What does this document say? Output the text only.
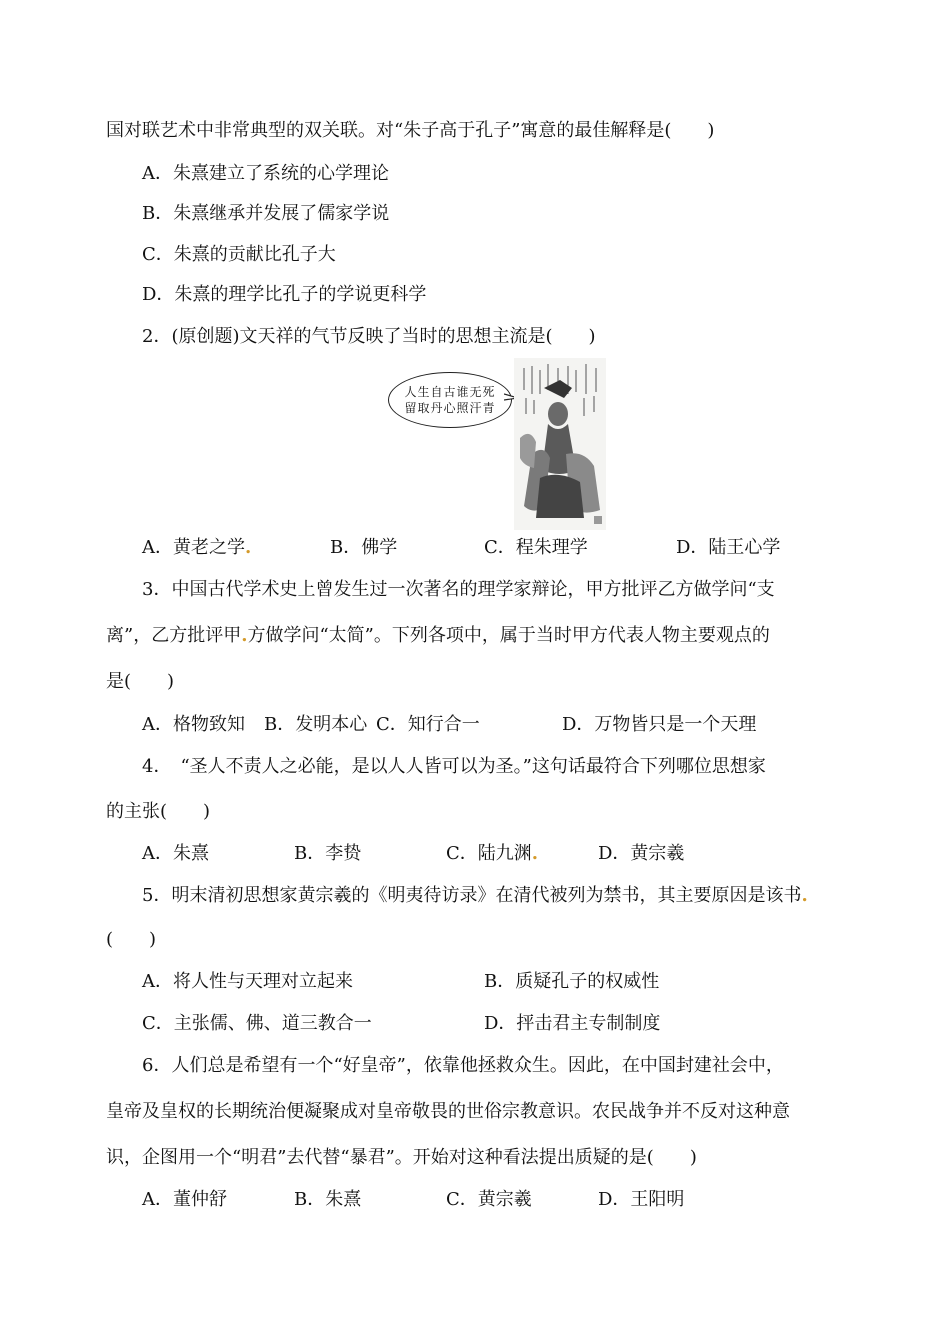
国对联艺术中非常典型的双关联。对“朱子高于孔子”寓意的最佳解释是(　　)
A．朱熹建立了系统的心学理论
B．朱熹继承并发展了儒家学说
C．朱熹的贡献比孔子大
D．朱熹的理学比孔子的学说更科学
2．(原创题)文天祥的气节反映了当时的思想主流是(　　)
人生自古谁无死
留取丹心照汗青
A．黄老之学.	B．佛学	C．程朱理学	D．陆王心学
3．中国古代学术史上曾发生过一次著名的理学家辩论，甲方批评乙方做学问“支
离”，乙方批评甲.方做学问“太简”。下列各项中，属于当时甲方代表人物主要观点的
是(　　)
A．格物致知 B．发明本心 C．知行合一	D．万物皆只是一个天理
4．　“圣人不责人之必能，是以人人皆可以为圣。”这句话最符合下列哪位思想家
的主张(　　)
A．朱熹	B．李贽	C．陆九渊.	D．黄宗羲
5．明末清初思想家黄宗羲的《明夷待访录》在清代被列为禁书，其主要原因是该书.
(　　)
A．将人性与天理对立起来	B．质疑孔子的权威性
C．主张儒、佛、道三教合一	D．抨击君主专制制度
6．人们总是希望有一个“好皇帝”，依靠他拯救众生。因此，在中国封建社会中，
皇帝及皇权的长期统治便凝聚成对皇帝敬畏的世俗宗教意识。农民战争并不反对这种意
识，企图用一个“明君”去代替“暴君”。开始对这种看法提出质疑的是(　　)
A．董仲舒	B．朱熹	C．黄宗羲	D．王阳明
